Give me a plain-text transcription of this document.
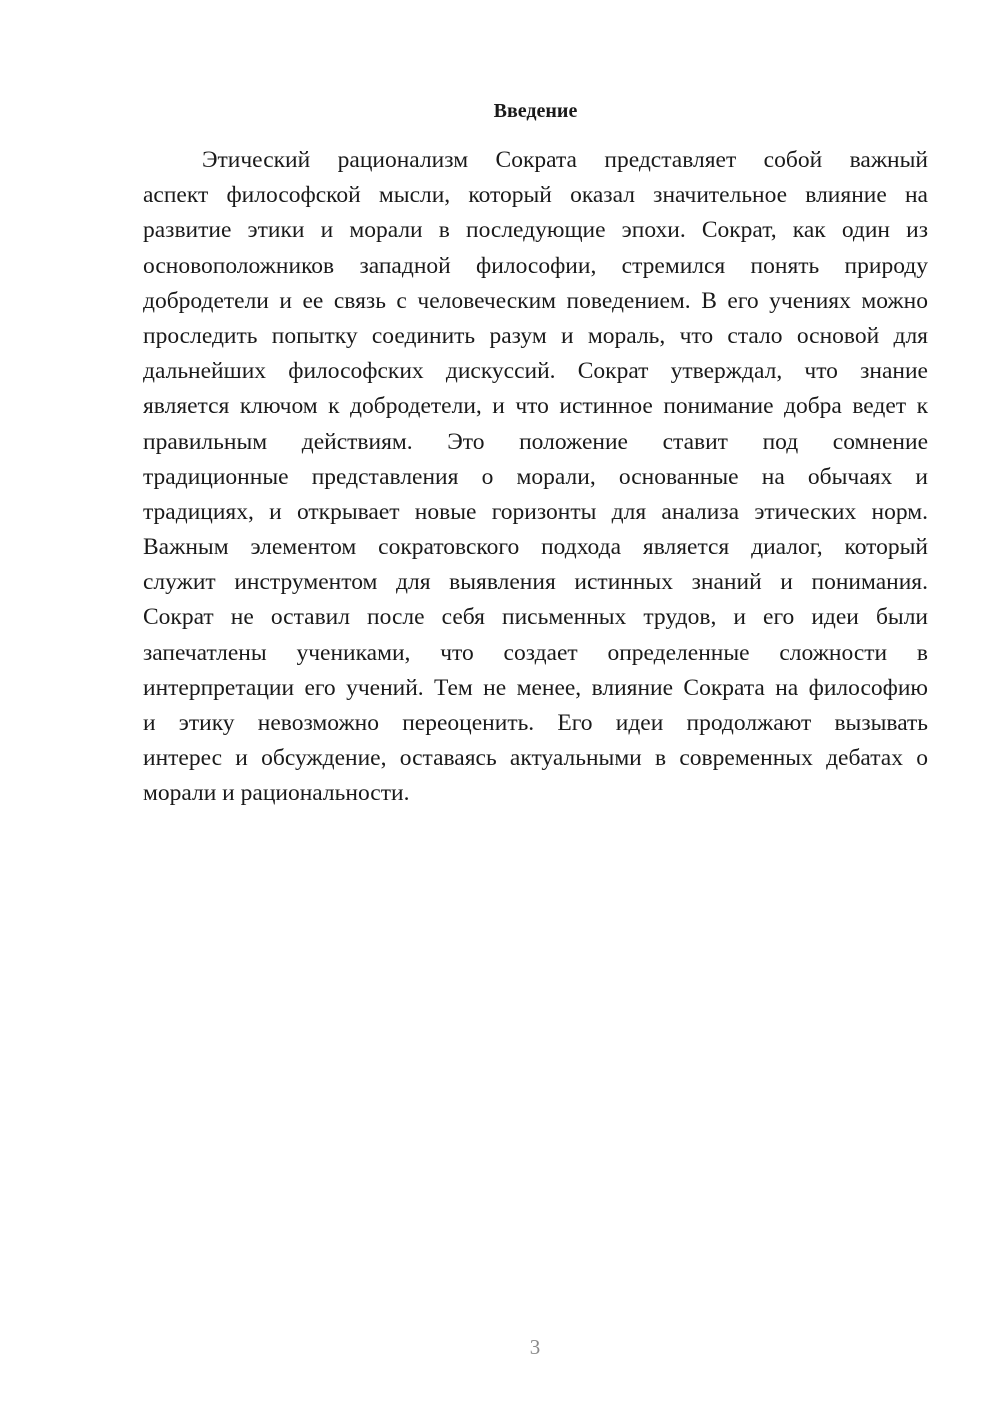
Введение
Этический рационализм Сократа представляет собой важный
аспект философской мысли, который оказал значительное влияние на
развитие этики и морали в последующие эпохи. Сократ, как один из
основоположников западной философии, стремился понять природу
добродетели и ее связь с человеческим поведением. В его учениях можно
проследить попытку соединить разум и мораль, что стало основой для
дальнейших философских дискуссий. Сократ утверждал, что знание
является ключом к добродетели, и что истинное понимание добра ведет к
правильным действиям. Это положение ставит под сомнение
традиционные представления о морали, основанные на обычаях и
традициях, и открывает новые горизонты для анализа этических норм.
Важным элементом сократовского подхода является диалог, который
служит инструментом для выявления истинных знаний и понимания.
Сократ не оставил после себя письменных трудов, и его идеи были
запечатлены учениками, что создает определенные сложности в
интерпретации его учений. Тем не менее, влияние Сократа на философию
и этику невозможно переоценить. Его идеи продолжают вызывать
интерес и обсуждение, оставаясь актуальными в современных дебатах о
морали и рациональности.
3
